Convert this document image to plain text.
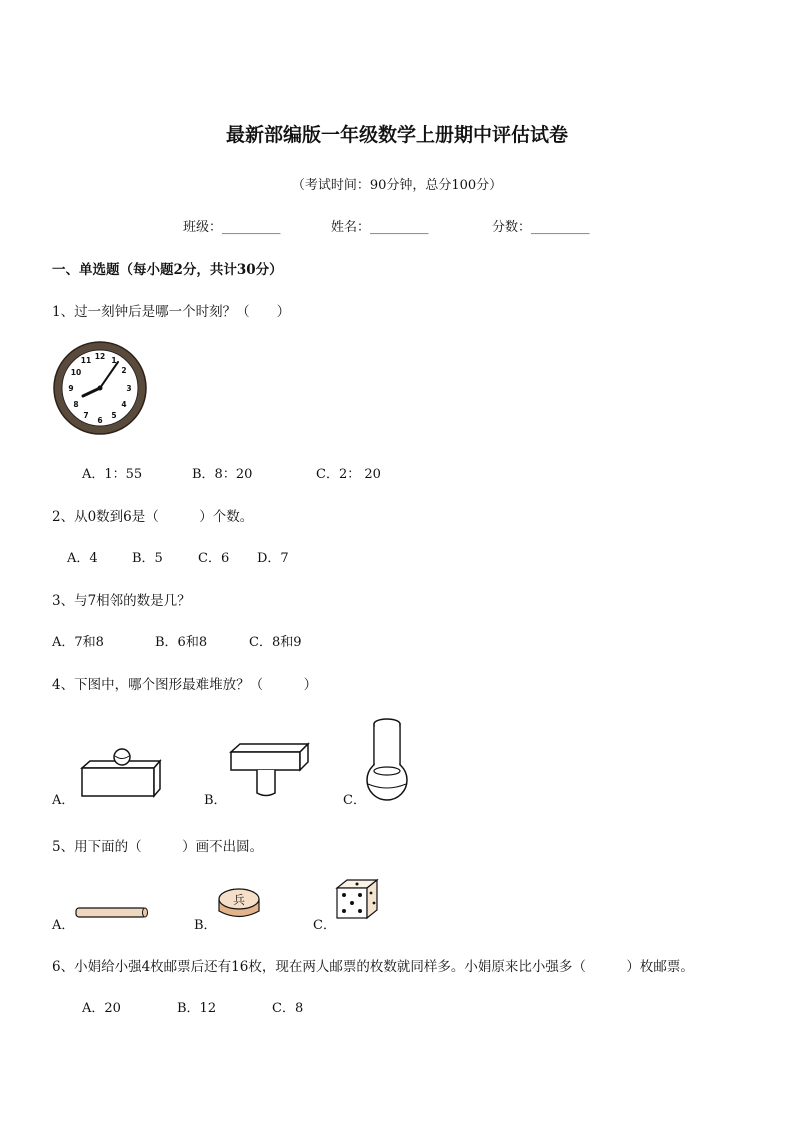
最新部编版一年级数学上册期中评估试卷
（考试时间：90分钟，总分100分）
班级：_________	姓名：_________	分数：_________
一、单选题（每小题2分，共计30分）
1、过一刻钟后是哪一个时刻？（　　）
12 1
2
3
4
5
6
7
8
9
10
11
A．1：55	B．8：20	C．2： 20
2、从0数到6是（　　　）个数。
A．4	B．5	C．6 D．7
3、与7相邻的数是几？
A．7和8	B．6和8	C．8和9
4、下图中，哪个图形最难堆放？（　　　）
A．	B．	C．
5、用下面的（　　　）画不出圆。
A．	B．	C．
兵
6、小娟给小强4枚邮票后还有16枚，现在两人邮票的枚数就同样多。小娟原来比小强多（　　　）枚邮票。
A．20	B．12	C．8
